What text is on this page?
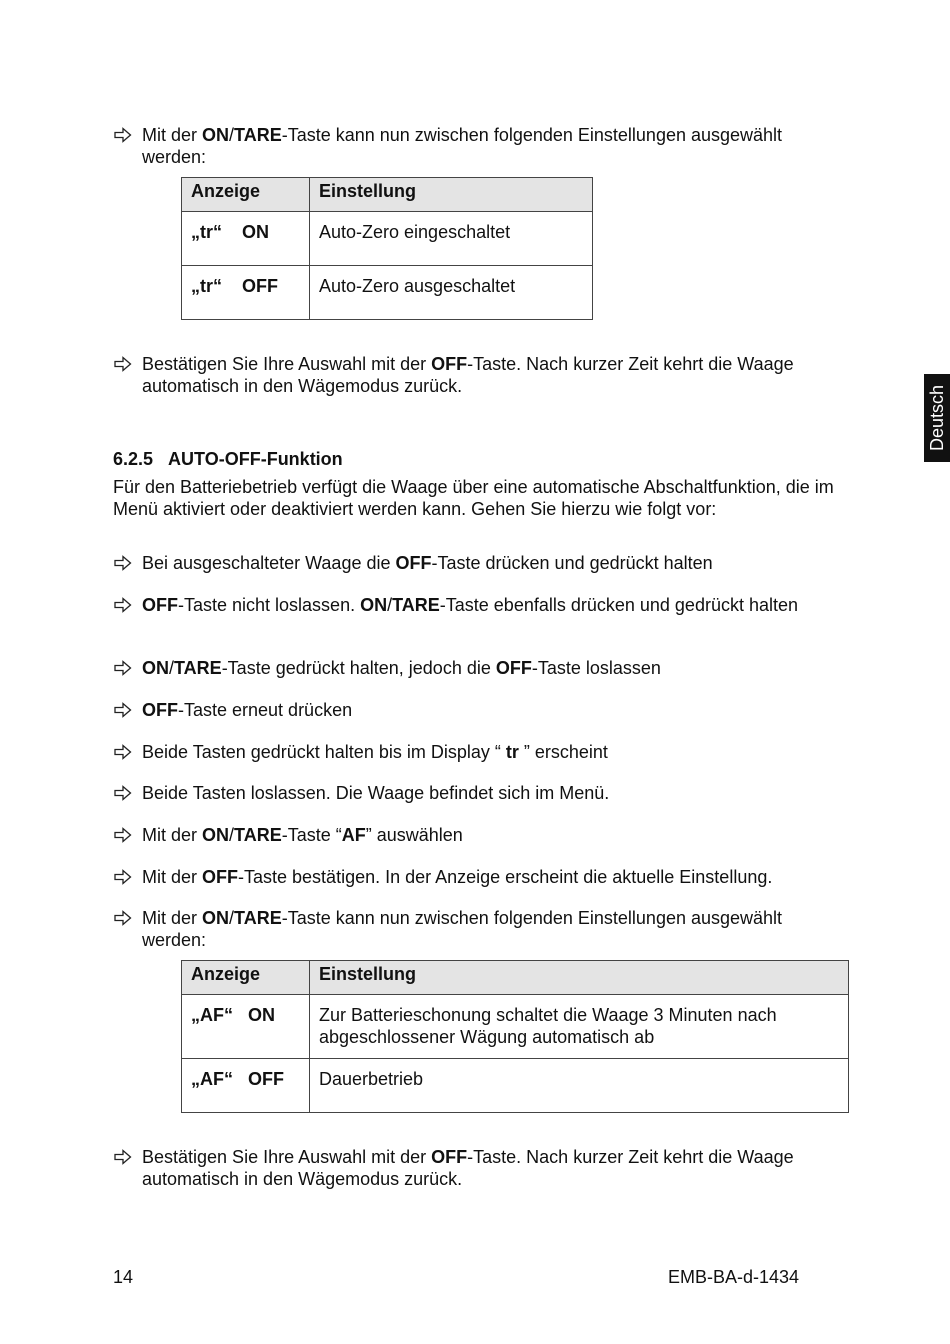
Deutsch
Mit der ON/TARE-Taste kann nun zwischen folgenden Einstellungen ausgewählt werden:
Anzeige	Einstellung
„tr“    ON	Auto-Zero eingeschaltet
„tr“    OFF	Auto-Zero ausgeschaltet
Bestätigen Sie Ihre Auswahl mit der OFF-Taste. Nach kurzer Zeit kehrt die Waage automatisch in den Wägemodus zurück.
6.2.5 AUTO-OFF-Funktion
Für den Batteriebetrieb verfügt die Waage über eine automatische Abschaltfunktion, die im Menü aktiviert oder deaktiviert werden kann. Gehen Sie hierzu wie folgt vor:
Bei ausgeschalteter Waage die OFF-Taste drücken und gedrückt halten
OFF-Taste nicht loslassen. ON/TARE-Taste ebenfalls drücken und gedrückt halten
ON/TARE-Taste gedrückt halten, jedoch die OFF-Taste loslassen
OFF-Taste erneut drücken
Beide Tasten gedrückt halten bis im Display “ tr ” erscheint
Beide Tasten loslassen. Die Waage befindet sich im Menü.
Mit der ON/TARE-Taste “AF” auswählen
Mit der OFF-Taste bestätigen. In der Anzeige erscheint die aktuelle Einstellung.
Mit der ON/TARE-Taste kann nun zwischen folgenden Einstellungen ausgewählt werden:
Anzeige	Einstellung
„AF“   ON	Zur Batterieschonung schaltet die Waage 3 Minuten nach abgeschlossener Wägung automatisch ab
„AF“   OFF	Dauerbetrieb
Bestätigen Sie Ihre Auswahl mit der OFF-Taste. Nach kurzer Zeit kehrt die Waage automatisch in den Wägemodus zurück.
14	EMB-BA-d-1434
